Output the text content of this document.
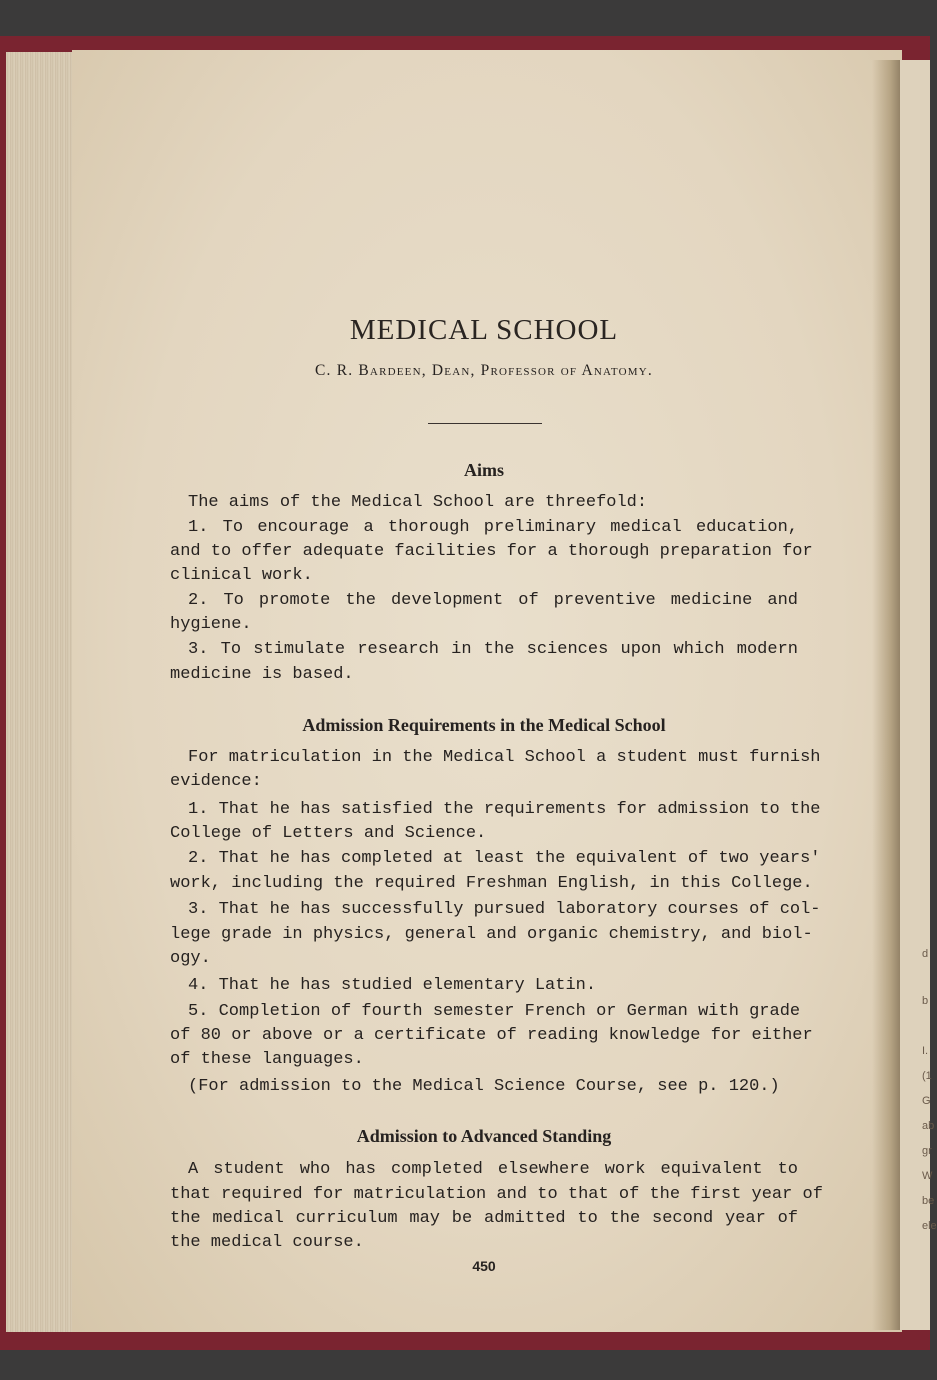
MEDICAL SCHOOL
C. R. Bardeen, Dean, Professor of Anatomy.
Aims
The aims of the Medical School are threefold:
1. To encourage a thorough preliminary medical education,
and to offer adequate facilities for a thorough preparation for
clinical work.
2. To promote the development of preventive medicine and
hygiene.
3. To stimulate research in the sciences upon which modern
medicine is based.
Admission Requirements in the Medical School
For matriculation in the Medical School a student must furnish
evidence:
1. That he has satisfied the requirements for admission to the
College of Letters and Science.
2. That he has completed at least the equivalent of two years'
work, including the required Freshman English, in this College.
3. That he has successfully pursued laboratory courses of col-
lege grade in physics, general and organic chemistry, and biol-
ogy.
4. That he has studied elementary Latin.
5. Completion of fourth semester French or German with grade
of 80 or above or a certificate of reading knowledge for either
of these languages.
(For admission to the Medical Science Course, see p. 120.)
Admission to Advanced Standing
A student who has completed elsewhere work equivalent to
that required for matriculation and to that of the first year of
the medical curriculum may be admitted to the second year of
the medical course.
450
d
b
I.
(1
G
ab
gr
W
be
ele
